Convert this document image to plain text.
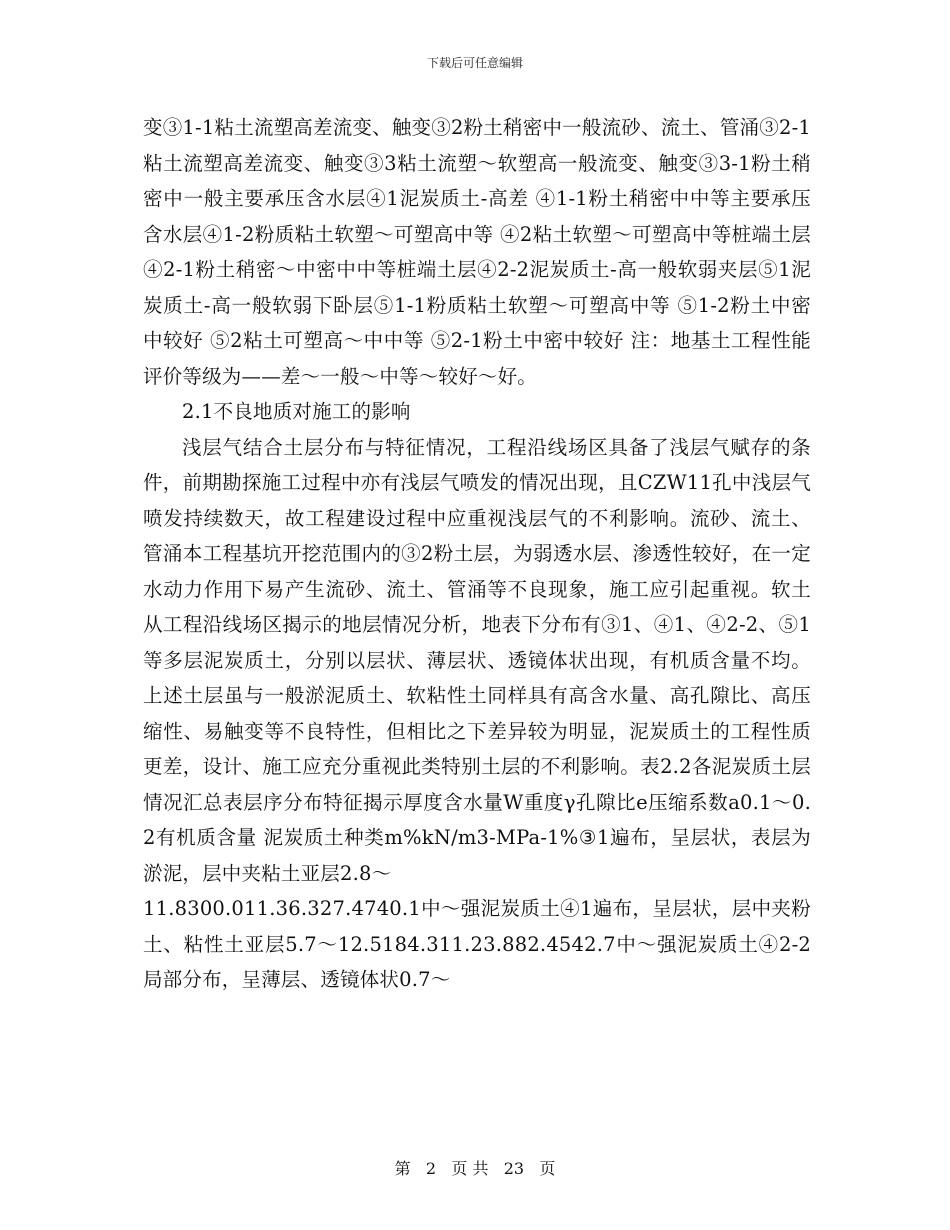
下载后可任意编辑

变③1-1粘土流塑高差流变、触变③2粉土稍密中一般流砂、流土、管涌③2-1粘土流塑高差流变、触变③3粘土流塑～软塑高一般流变、触变③3-1粉土稍密中一般主要承压含水层④1泥炭质土-高差 ④1-1粉土稍密中中等主要承压含水层④1-2粉质粘土软塑～可塑高中等 ④2粘土软塑～可塑高中等桩端土层④2-1粉土稍密～中密中中等桩端土层④2-2泥炭质土-高一般软弱夹层⑤1泥炭质土-高一般软弱下卧层⑤1-1粉质粘土软塑～可塑高中等 ⑤1-2粉土中密中较好 ⑤2粘土可塑高～中中等 ⑤2-1粉土中密中较好 注：地基土工程性能评价等级为——差～一般～中等～较好～好。

2.1不良地质对施工的影响

浅层气结合土层分布与特征情况，工程沿线场区具备了浅层气赋存的条件，前期勘探施工过程中亦有浅层气喷发的情况出现，且CZW11孔中浅层气喷发持续数天，故工程建设过程中应重视浅层气的不利影响。流砂、流土、管涌本工程基坑开挖范围内的③2粉土层，为弱透水层、渗透性较好，在一定水动力作用下易产生流砂、流土、管涌等不良现象，施工应引起重视。软土从工程沿线场区揭示的地层情况分析，地表下分布有③1、④1、④2-2、⑤1等多层泥炭质土，分别以层状、薄层状、透镜体状出现，有机质含量不均。上述土层虽与一般淤泥质土、软粘性土同样具有高含水量、高孔隙比、高压缩性、易触变等不良特性，但相比之下差异较为明显，泥炭质土的工程性质更差，设计、施工应充分重视此类特别土层的不利影响。表2.2各泥炭质土层情况汇总表层序分布特征揭示厚度含水量W重度γ孔隙比e压缩系数a0.1～0.2有机质含量 泥炭质土种类m%kN/m3-MPa-1%③1遍布，呈层状，表层为淤泥，层中夹粘土亚层2.8～

11.8300.011.36.327.4740.1中～强泥炭质土④1遍布，呈层状，层中夹粉土、粘性土亚层5.7～12.5184.311.23.882.4542.7中～强泥炭质土④2-2局部分布，呈薄层、透镜体状0.7～

第 2 页 共 23 页
